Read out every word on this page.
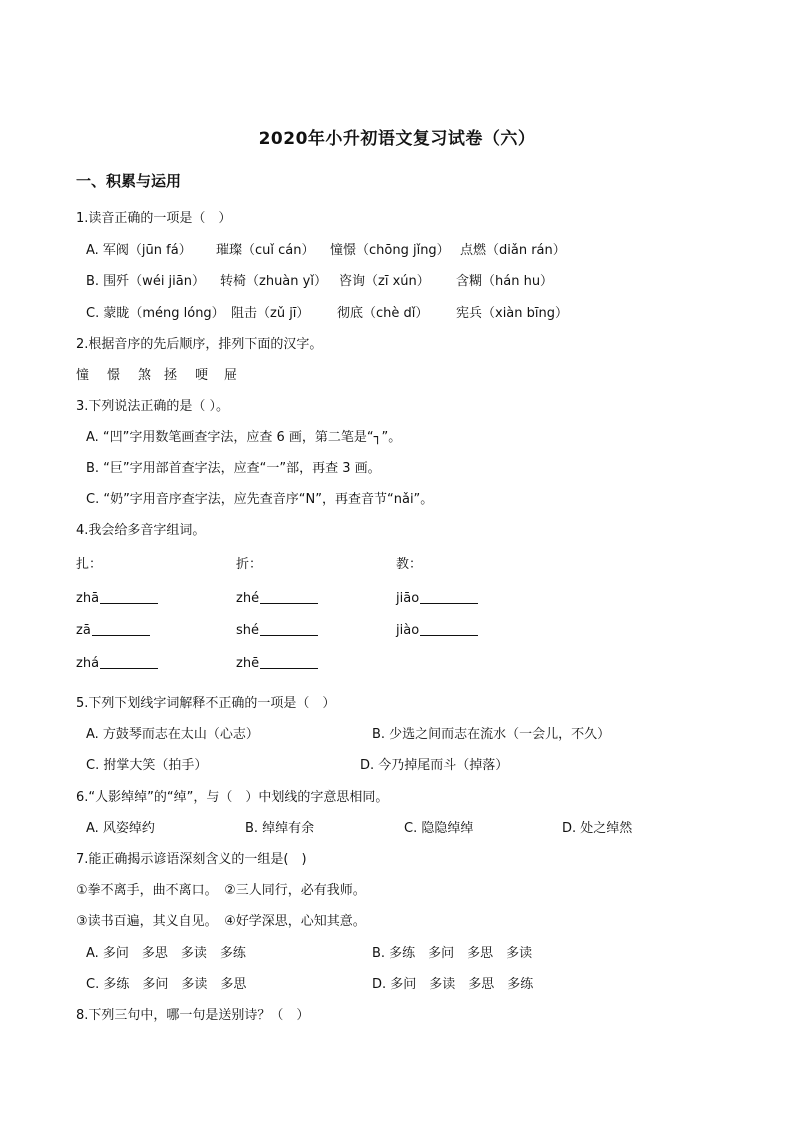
2020年小升初语文复习试卷（六）
一、积累与运用
1.读音正确的一项是（　）
A. 军阀（jūn fá） 璀璨（cuǐ cán） 憧憬（chōng jǐng） 点燃（diǎn rán）
B. 围歼（wéi jiān） 转椅（zhuàn yǐ） 咨询（zī xún） 含糊（hán hu）
C. 蒙眬（méng lóng） 阻击（zǔ jī） 彻底（chè dǐ） 宪兵（xiàn bīng）
2.根据音序的先后顺序，排列下面的汉字。
憧 憬 煞 拯 哽 屉
3.下列说法正确的是（ ）。
A. “凹”字用数笔画查字法，应查 6 画，第二笔是“┐”。
B. “巨”字用部首查字法，应查“一”部，再查 3 画。
C. “奶”字用音序查字法，应先查音序“N”，再查音节“nǎi”。
4.我会给多音字组词。
扎：	折：	教：
zhā	zhé	jiāo
zā	shé	jiào
zhá	zhē
5.下列下划线字词解释不正确的一项是（　）
A. 方鼓琴而志在太山（心志）	B. 少选之间而志在流水（一会儿，不久）
C. 拊掌大笑（拍手）	D. 今乃掉尾而斗（掉落）
6.“人影绰绰”的“绰”，与（　）中划线的字意思相同。
A. 风姿绰约	B. 绰绰有余	C. 隐隐绰绰	D. 处之绰然
7.能正确揭示谚语深刻含义的一组是(　)
①拳不离手，曲不离口。　②三人同行，必有我师。
③读书百遍，其义自见。　④好学深思，心知其意。
A. 多问　多思　多读　多练	B. 多练　多问　多思　多读
C. 多练　多问　多读　多思	D. 多问　多读　多思　多练
8.下列三句中，哪一句是送别诗？（　）
